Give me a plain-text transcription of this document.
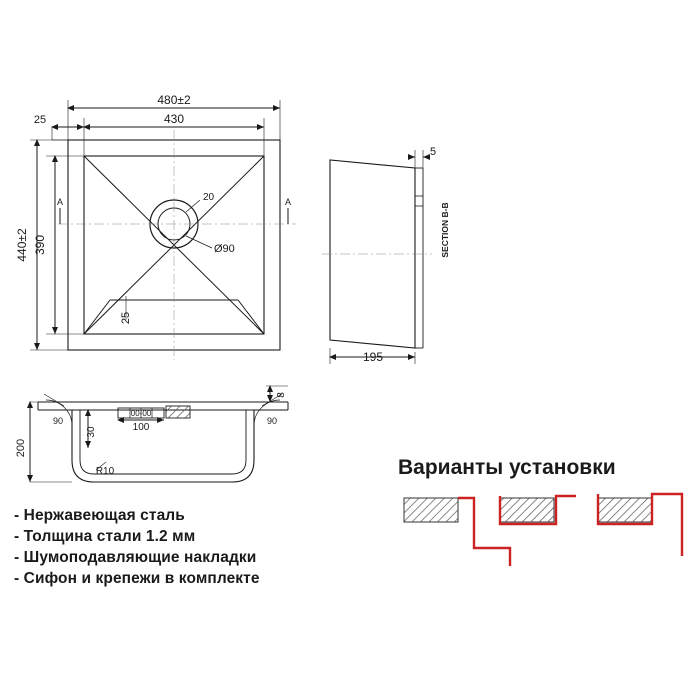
480±2
430
25
440±2 390
20
Ø90
25
A	A
5
195
SECTION B-B
200
30	100
00-00
R10
8
90	90
Варианты установки
- Нержавеющая сталь
- Толщина стали 1.2 мм
- Шумоподавляющие накладки
- Сифон и крепежи в комплекте
